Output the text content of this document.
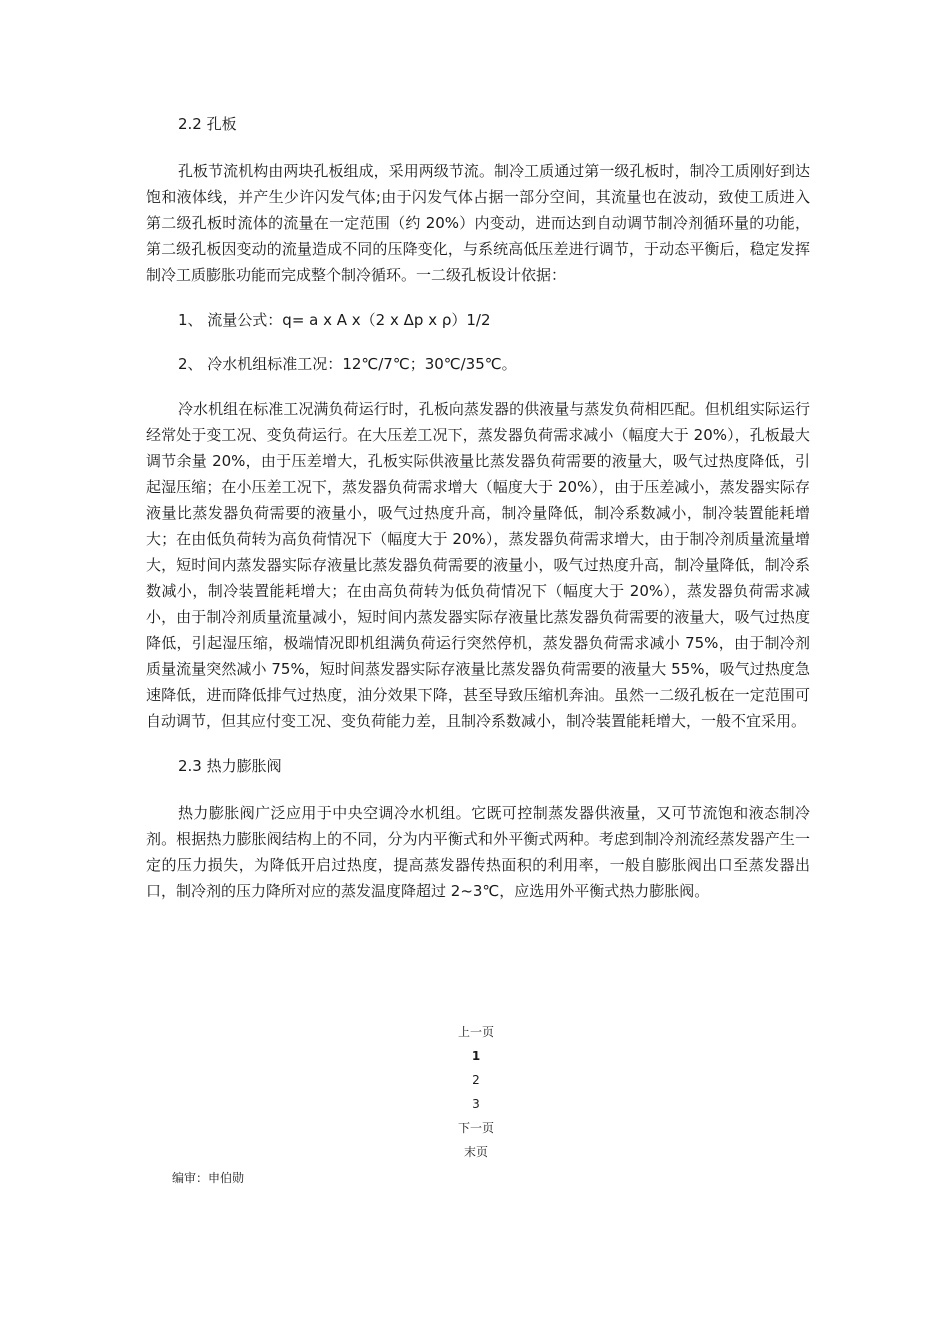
2.2 孔板

孔板节流机构由两块孔板组成，采用两级节流。制冷工质通过第一级孔板时，制冷工质刚好到达饱和液体线，并产生少许闪发气体;由于闪发气体占据一部分空间，其流量也在波动，致使工质进入第二级孔板时流体的流量在一定范围（约 20%）内变动，进而达到自动调节制冷剂循环量的功能，第二级孔板因变动的流量造成不同的压降变化，与系统高低压差进行调节，于动态平衡后，稳定发挥制冷工质膨胀功能而完成整个制冷循环。一二级孔板设计依据：

1、 流量公式：q= a x A x（2 x Δp x ρ）1/2

2、 冷水机组标准工况：12℃/7℃；30℃/35℃。

冷水机组在标准工况满负荷运行时，孔板向蒸发器的供液量与蒸发负荷相匹配。但机组实际运行经常处于变工况、变负荷运行。在大压差工况下，蒸发器负荷需求减小（幅度大于 20%），孔板最大调节余量 20%，由于压差增大，孔板实际供液量比蒸发器负荷需要的液量大，吸气过热度降低，引起湿压缩；在小压差工况下，蒸发器负荷需求增大（幅度大于 20%），由于压差减小，蒸发器实际存液量比蒸发器负荷需要的液量小，吸气过热度升高，制冷量降低，制冷系数减小，制冷装置能耗增大；在由低负荷转为高负荷情况下（幅度大于 20%），蒸发器负荷需求增大，由于制冷剂质量流量增大，短时间内蒸发器实际存液量比蒸发器负荷需要的液量小，吸气过热度升高，制冷量降低，制冷系数减小，制冷装置能耗增大；在由高负荷转为低负荷情况下（幅度大于 20%），蒸发器负荷需求减小，由于制冷剂质量流量减小，短时间内蒸发器实际存液量比蒸发器负荷需要的液量大，吸气过热度降低，引起湿压缩，极端情况即机组满负荷运行突然停机，蒸发器负荷需求减小 75%，由于制冷剂质量流量突然减小 75%，短时间蒸发器实际存液量比蒸发器负荷需要的液量大 55%，吸气过热度急速降低，进而降低排气过热度，油分效果下降，甚至导致压缩机奔油。虽然一二级孔板在一定范围可自动调节，但其应付变工况、变负荷能力差，且制冷系数减小，制冷装置能耗增大，一般不宜采用。

2.3 热力膨胀阀

热力膨胀阀广泛应用于中央空调冷水机组。它既可控制蒸发器供液量，又可节流饱和液态制冷剂。根据热力膨胀阀结构上的不同，分为内平衡式和外平衡式两种。考虑到制冷剂流经蒸发器产生一定的压力损失，为降低开启过热度，提高蒸发器传热面积的利用率，一般自膨胀阀出口至蒸发器出口，制冷剂的压力降所对应的蒸发温度降超过 2~3℃，应选用外平衡式热力膨胀阀。

上一页
1
2
3
下一页
末页
编审：申伯勋
